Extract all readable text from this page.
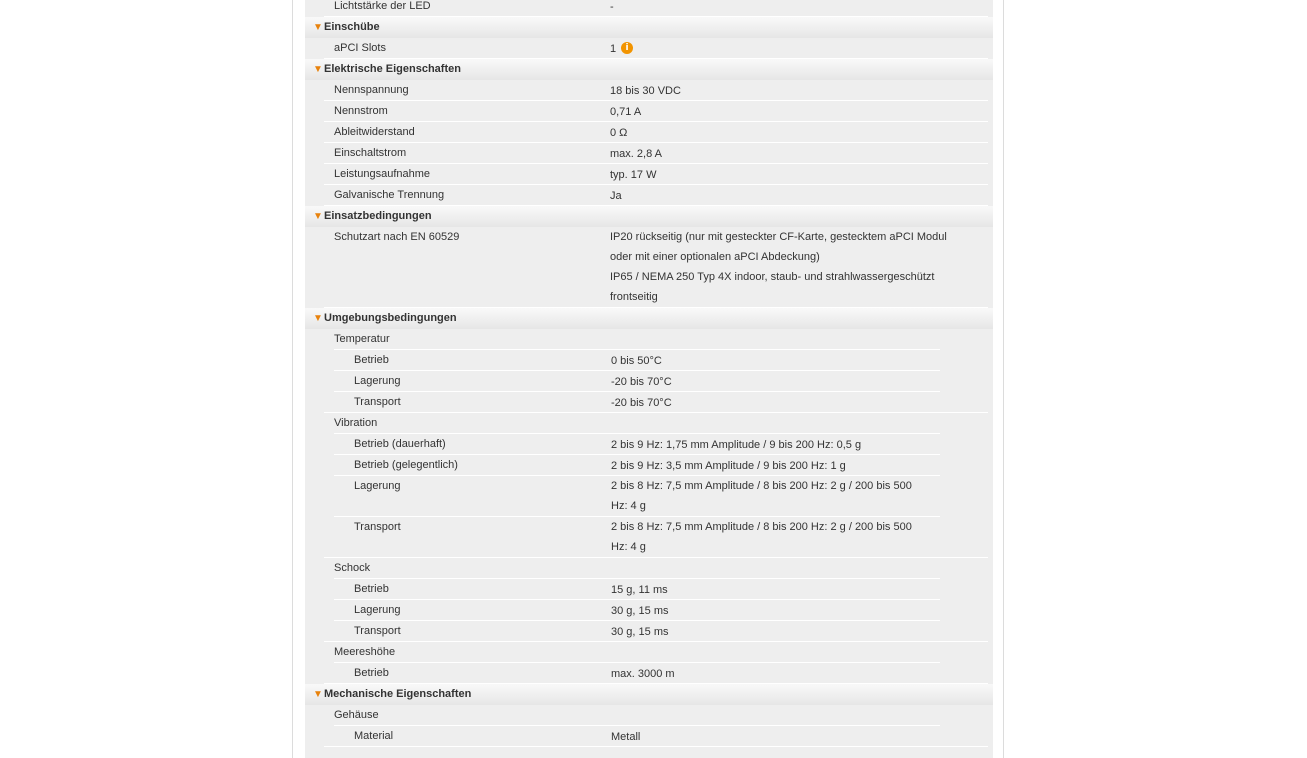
Lichtstärke der LED	-
▼ Einschübe
aPCI Slots	1	i
▼ Elektrische Eigenschaften
Nennspannung	18 bis 30 VDC
Nennstrom	0,71 A
Ableitwiderstand	0 Ω
Einschaltstrom	max. 2,8 A
Leistungsaufnahme	typ. 17 W
Galvanische Trennung	Ja
▼ Einsatzbedingungen
Schutzart nach EN 60529	IP20 rückseitig (nur mit gesteckter CF-Karte, gestecktem aPCI Modul
oder mit einer optionalen aPCI Abdeckung)
IP65 / NEMA 250 Typ 4X indoor, staub- und strahlwassergeschützt
frontseitig
▼ Umgebungsbedingungen
Temperatur
Betrieb	0 bis 50°C
Lagerung	-20 bis 70°C
Transport	-20 bis 70°C
Vibration
Betrieb (dauerhaft)	2 bis 9 Hz: 1,75 mm Amplitude / 9 bis 200 Hz: 0,5 g
Betrieb (gelegentlich)	2 bis 9 Hz: 3,5 mm Amplitude / 9 bis 200 Hz: 1 g
Lagerung	2 bis 8 Hz: 7,5 mm Amplitude / 8 bis 200 Hz: 2 g / 200 bis 500
Hz: 4 g
Transport	2 bis 8 Hz: 7,5 mm Amplitude / 8 bis 200 Hz: 2 g / 200 bis 500
Hz: 4 g
Schock
Betrieb	15 g, 11 ms
Lagerung	30 g, 15 ms
Transport	30 g, 15 ms
Meereshöhe
Betrieb	max. 3000 m
▼ Mechanische Eigenschaften
Gehäuse
Material	Metall
